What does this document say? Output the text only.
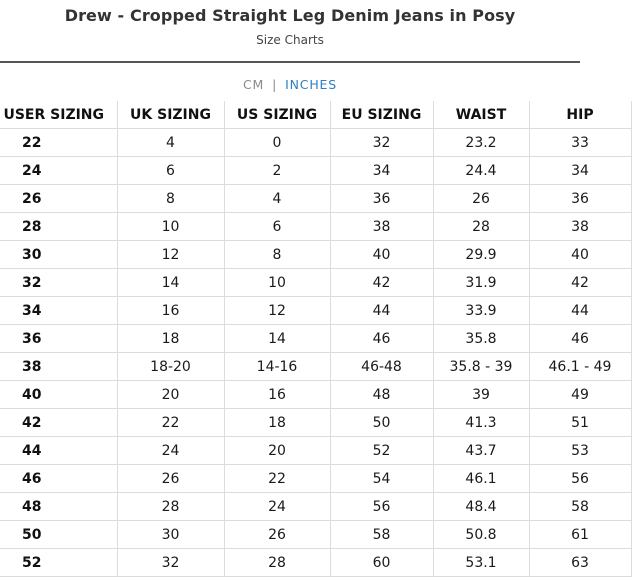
Drew - Cropped Straight Leg Denim Jeans in Posy
Size Charts
CM | INCHES
USER SIZING	UK SIZING	US SIZING	EU SIZING	WAIST	HIP
22	4	0	32	23.2	33
24	6	2	34	24.4	34
26	8	4	36	26	36
28	10	6	38	28	38
30	12	8	40	29.9	40
32	14	10	42	31.9	42
34	16	12	44	33.9	44
36	18	14	46	35.8	46
38	18-20	14-16	46-48	35.8 - 39	46.1 - 49
40	20	16	48	39	49
42	22	18	50	41.3	51
44	24	20	52	43.7	53
46	26	22	54	46.1	56
48	28	24	56	48.4	58
50	30	26	58	50.8	61
52	32	28	60	53.1	63
